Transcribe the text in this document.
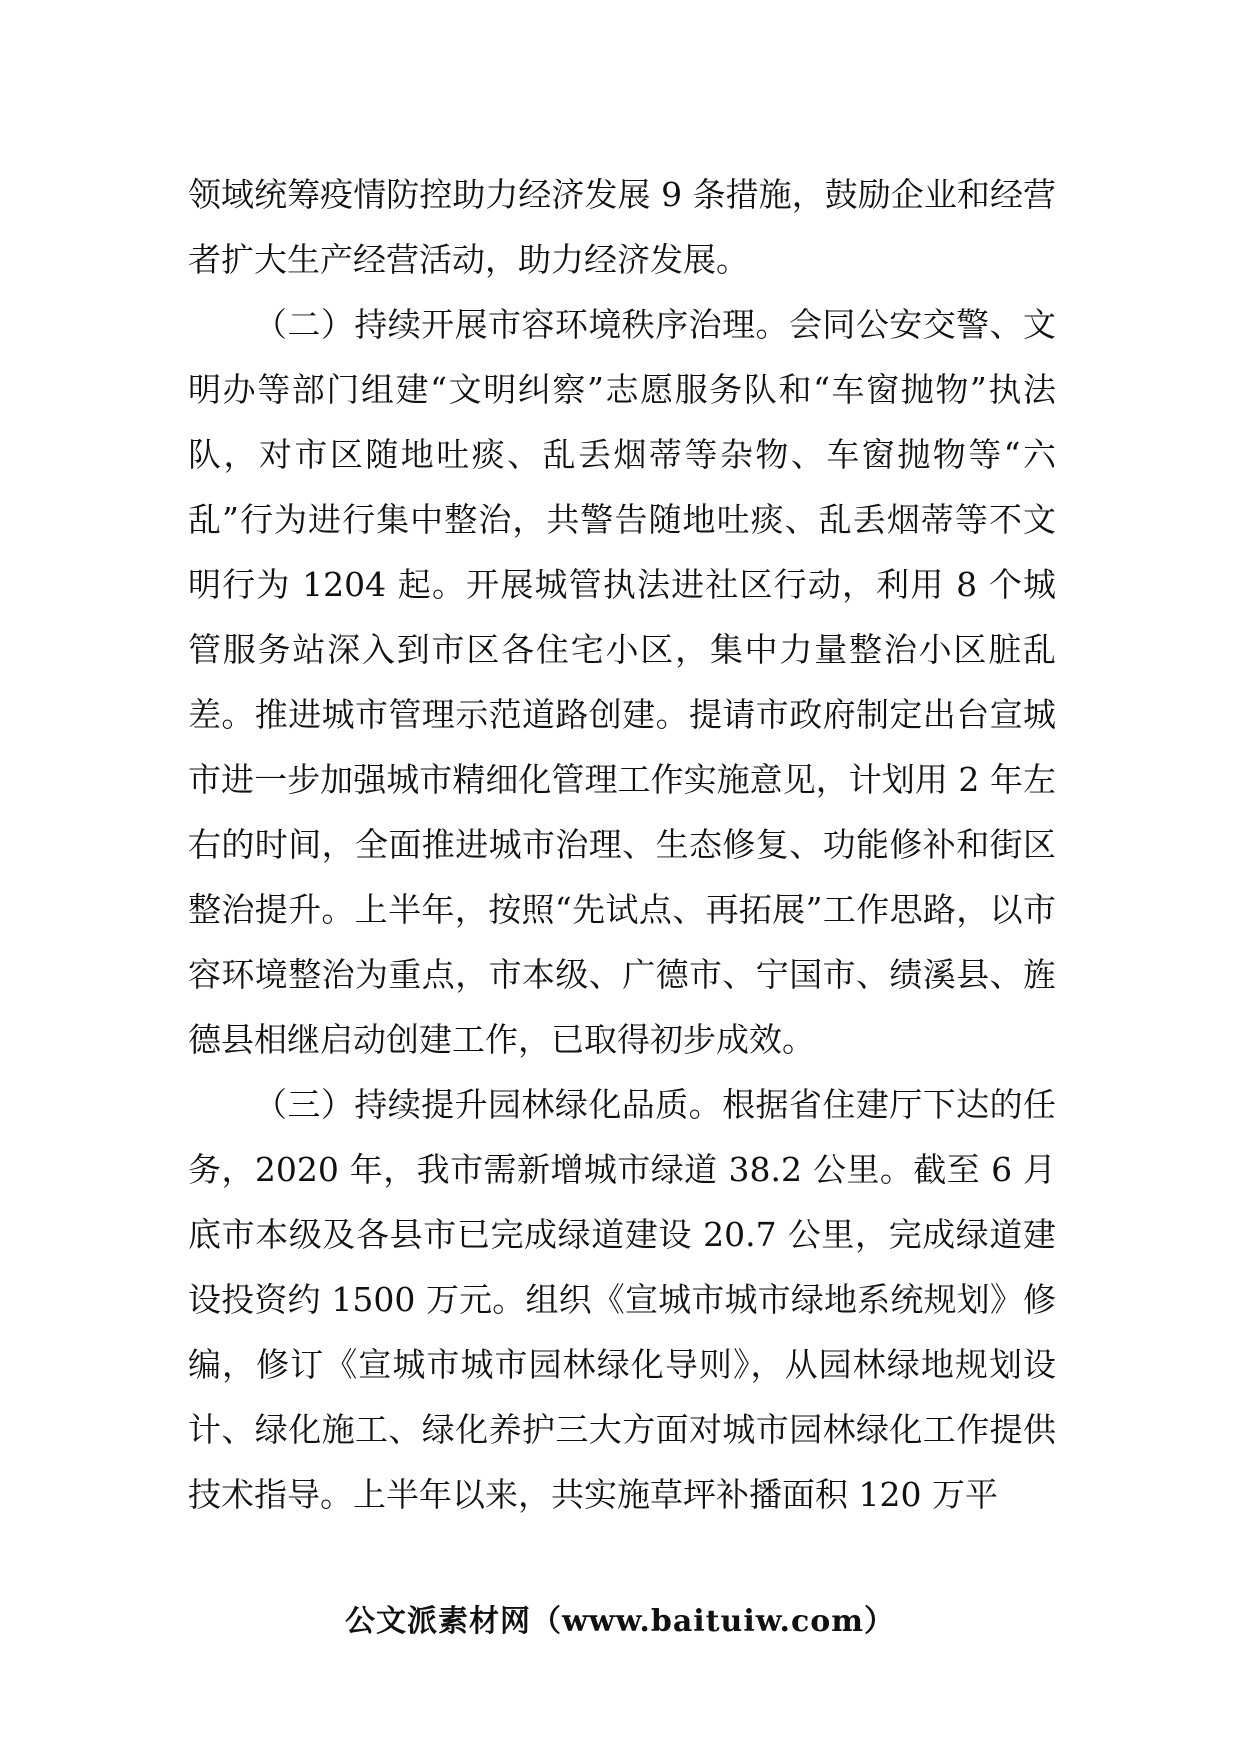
领域统筹疫情防控助力经济发展 9 条措施，鼓励企业和经营者扩大生产经营活动，助力经济发展。

（二）持续开展市容环境秩序治理。会同公安交警、文明办等部门组建“文明纠察”志愿服务队和“车窗抛物”执法队，对市区随地吐痰、乱丢烟蒂等杂物、车窗抛物等“六乱”行为进行集中整治，共警告随地吐痰、乱丢烟蒂等不文明行为 1204 起。开展城管执法进社区行动，利用 8 个城管服务站深入到市区各住宅小区，集中力量整治小区脏乱差。推进城市管理示范道路创建。提请市政府制定出台宣城市进一步加强城市精细化管理工作实施意见，计划用 2 年左右的时间，全面推进城市治理、生态修复、功能修补和街区整治提升。上半年，按照“先试点、再拓展”工作思路，以市容环境整治为重点，市本级、广德市、宁国市、绩溪县、旌德县相继启动创建工作，已取得初步成效。

（三）持续提升园林绿化品质。根据省住建厅下达的任务，2020 年，我市需新增城市绿道 38.2 公里。截至 6 月底市本级及各县市已完成绿道建设 20.7 公里，完成绿道建设投资约 1500 万元。组织《宣城市城市绿地系统规划》修编，修订《宣城市城市园林绿化导则》，从园林绿地规划设计、绿化施工、绿化养护三大方面对城市园林绿化工作提供技术指导。上半年以来，共实施草坪补播面积 120 万平

公文派素材网（www.baituiw.com）
